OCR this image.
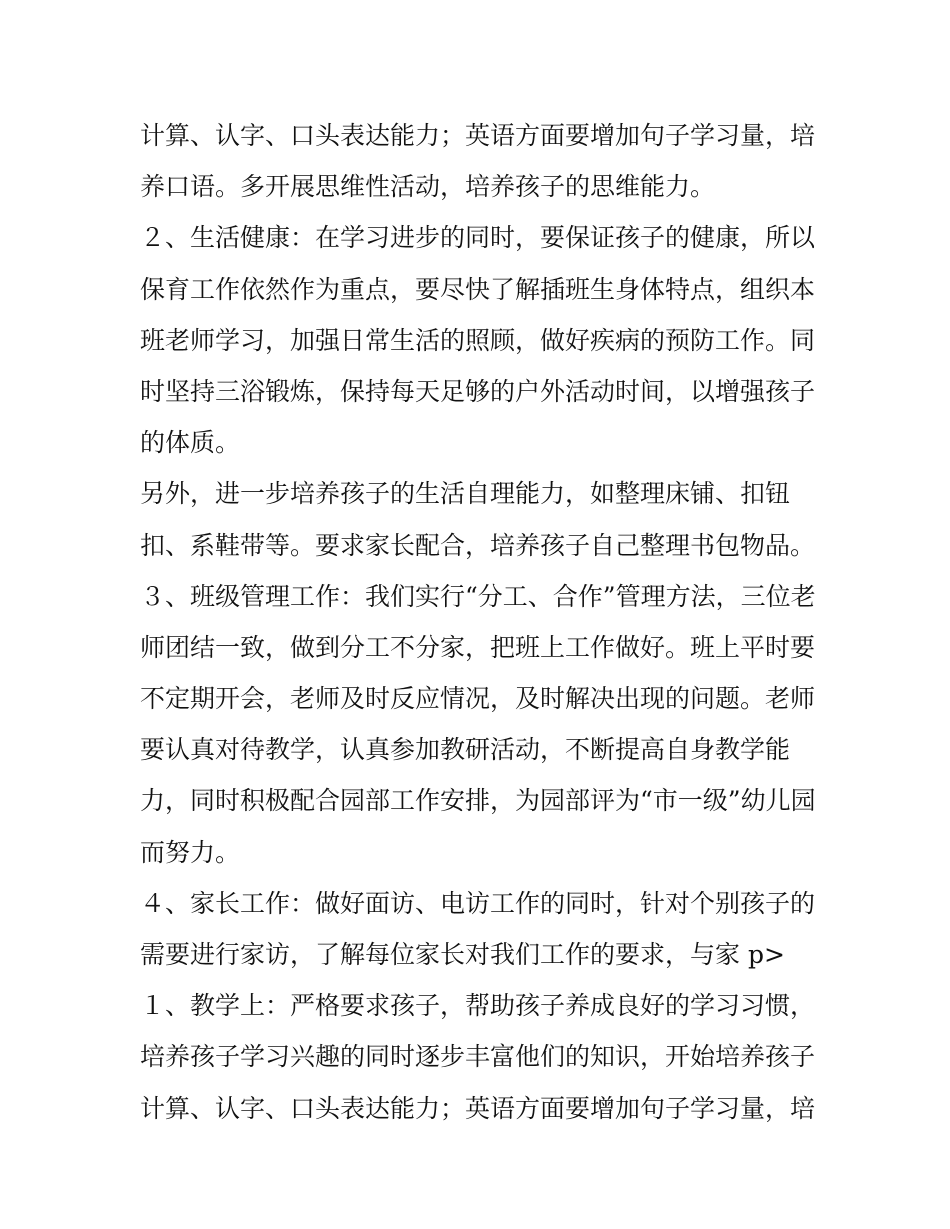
计算、认字、口头表达能力；英语方面要增加句子学习量，培
养口语。多开展思维性活动，培养孩子的思维能力。
２、生活健康：在学习进步的同时，要保证孩子的健康，所以
保育工作依然作为重点，要尽快了解插班生身体特点，组织本
班老师学习，加强日常生活的照顾，做好疾病的预防工作。同
时坚持三浴锻炼，保持每天足够的户外活动时间，以增强孩子
的体质。
另外，进一步培养孩子的生活自理能力，如整理床铺、扣钮
扣、系鞋带等。要求家长配合，培养孩子自己整理书包物品。
３、班级管理工作：我们实行“分工、合作”管理方法，三位老
师团结一致，做到分工不分家，把班上工作做好。班上平时要
不定期开会，老师及时反应情况，及时解决出现的问题。老师
要认真对待教学，认真参加教研活动，不断提高自身教学能
力，同时积极配合园部工作安排，为园部评为“市一级”幼儿园
而努力。
４、家长工作：做好面访、电访工作的同时，针对个别孩子的
需要进行家访，了解每位家长对我们工作的要求，与家 p>
１、教学上：严格要求孩子，帮助孩子养成良好的学习习惯，
培养孩子学习兴趣的同时逐步丰富他们的知识，开始培养孩子
计算、认字、口头表达能力；英语方面要增加句子学习量，培
